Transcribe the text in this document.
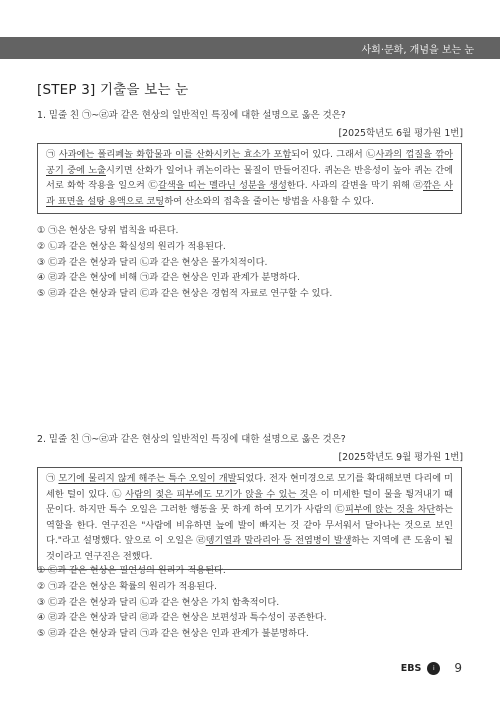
사회·문화, 개념을 보는 눈
[STEP 3] 기출을 보는 눈
1. 밑줄 친 ㉠~㉣과 같은 현상의 일반적인 특징에 대한 설명으로 옳은 것은?
[2025학년도 6월 평가원 1번]
㉠ 사과에는 폴리페놀 화합물과 이를 산화시키는 효소가 포함되어 있다. 그래서 ㉡사과의 껍질을 깎아 공기 중에 노출시키면 산화가 일어나 퀴논이라는 물질이 만들어진다. 퀴논은 반응성이 높아 퀴논 간에 서로 화학 작용을 일으켜 ㉢갈색을 띠는 멜라닌 성분을 생성한다. 사과의 갈변을 막기 위해 ㉣깎은 사과 표면을 설탕 용액으로 코팅하여 산소와의 접촉을 줄이는 방법을 사용할 수 있다.
① ㉠은 현상은 당위 법칙을 따른다.
② ㉡과 같은 현상은 확실성의 원리가 적용된다.
③ ㉢과 같은 현상과 달리 ㉡과 같은 현상은 몰가치적이다.
④ ㉣과 같은 현상에 비해 ㉠과 같은 현상은 인과 관계가 분명하다.
⑤ ㉣과 같은 현상과 달리 ㉢과 같은 현상은 경험적 자료로 연구할 수 있다.
2. 밑줄 친 ㉠~㉣과 같은 현상의 일반적인 특징에 대한 설명으로 옳은 것은?
[2025학년도 9월 평가원 1번]
㉠ 모기에 물리지 않게 해주는 특수 오일이 개발되었다. 전자 현미경으로 모기를 확대해보면 다리에 미세한 털이 있다. ㉡ 사람의 젖은 피부에도 모기가 앉을 수 있는 것은 이 미세한 털이 물을 튕겨내기 때문이다. 하지만 특수 오일은 그러한 행동을 못 하게 하여 모기가 사람의 ㉢피부에 앉는 것을 차단하는 역할을 한다. 연구진은 "사람에 비유하면 늪에 발이 빠지는 것 같아 무서워서 달아나는 것으로 보인다."라고 설명했다. 앞으로 이 오일은 ㉣뎅기열과 말라리아 등 전염병이 발생하는 지역에 큰 도움이 될 것이라고 연구진은 전했다.
① ㉢과 같은 현상은 필연성의 원리가 적용된다.
② ㉠과 같은 현상은 확률의 원리가 적용된다.
③ ㉢과 같은 현상과 달리 ㉡과 같은 현상은 가치 함축적이다.
④ ㉣과 같은 현상과 달리 ㉣과 같은 현상은 보편성과 특수성이 공존한다.
⑤ ㉣과 같은 현상과 달리 ㉠과 같은 현상은 인과 관계가 불분명하다.
EBS	i	9
